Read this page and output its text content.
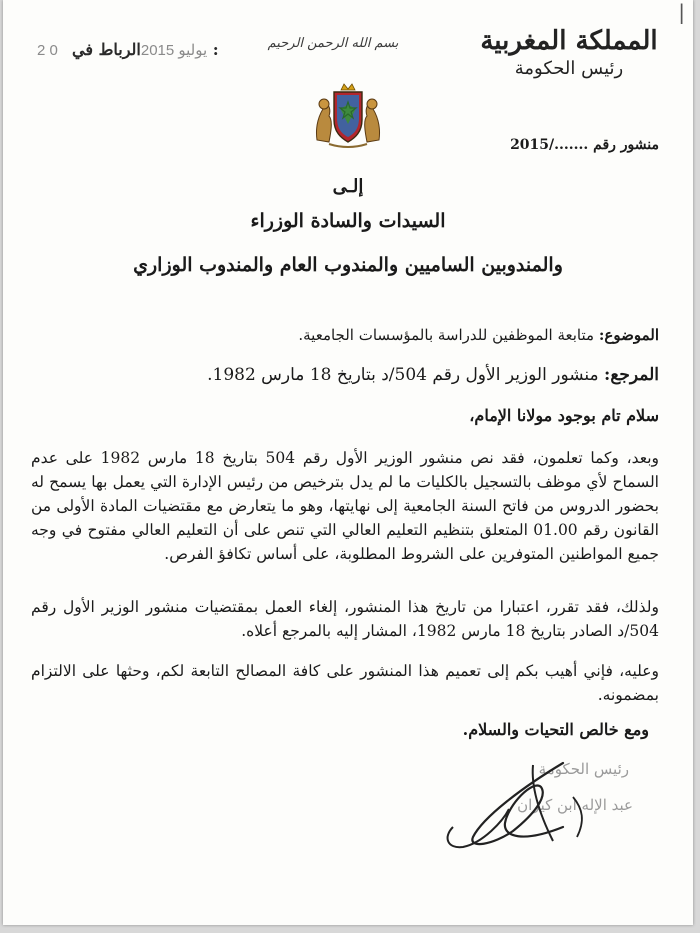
|
2 0 يوليو 2015الرباط في :	بسم الله الرحمن الرحيم	المملكة المغربية
رئيس الحكومة
منشور رقم ......./2015
إلـى
السيدات والسادة الوزراء
والمندوبين الساميين والمندوب العام والمندوب الوزاري
الموضوع: متابعة الموظفين للدراسة بالمؤسسات الجامعية.
المرجع: منشور الوزير الأول رقم 504/د بتاريخ 18 مارس 1982.
سلام تام بوجود مولانا الإمام،
وبعد، وكما تعلمون، فقد نص منشور الوزير الأول رقم 504 بتاريخ 18 مارس 1982 على عدم السماح لأي موظف بالتسجيل بالكليات ما لم يدل بترخيص من رئيس الإدارة التي يعمل بها يسمح له بحضور الدروس من فاتح السنة الجامعية إلى نهايتها، وهو ما يتعارض مع مقتضيات المادة الأولى من القانون رقم 01.00 المتعلق بتنظيم التعليم العالي التي تنص على أن التعليم العالي مفتوح في وجه جميع المواطنين المتوفرين على الشروط المطلوبة، على أساس تكافؤ الفرص.
ولذلك، فقد تقرر، اعتبارا من تاريخ هذا المنشور، إلغاء العمل بمقتضيات منشور الوزير الأول رقم 504/د الصادر بتاريخ 18 مارس 1982، المشار إليه بالمرجع أعلاه.
وعليه، فإني أهيب بكم إلى تعميم هذا المنشور على كافة المصالح التابعة لكم، وحثها على الالتزام بمضمونه.
ومع خالص التحيات والسلام.
رئيس الحكومة
عبد الإله ابن كيران
